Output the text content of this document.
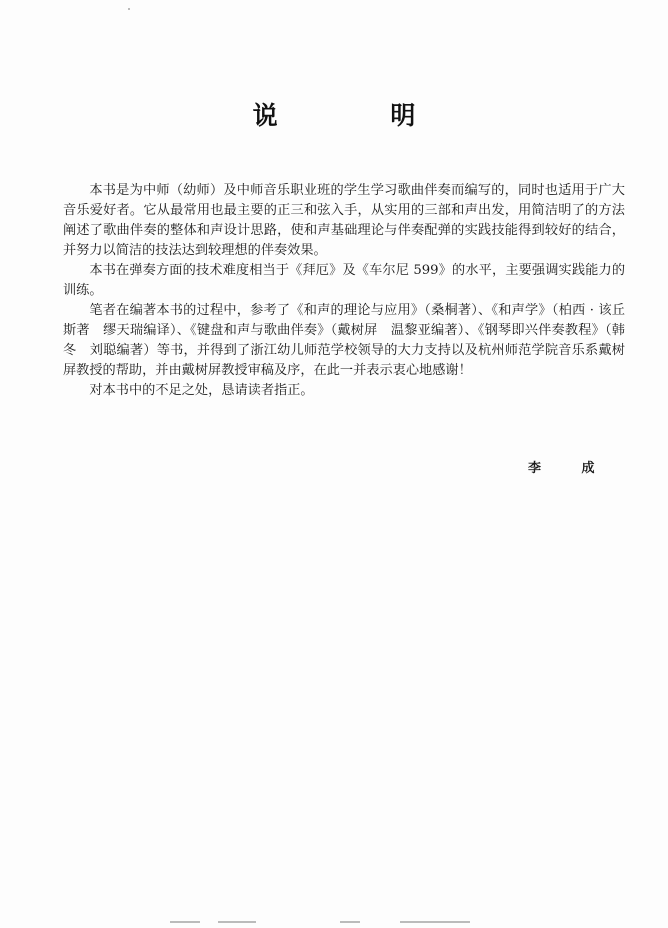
说 明

本书是为中师（幼师）及中师音乐职业班的学生学习歌曲伴奏而编写的，同时也适用于广大音乐爱好者。它从最常用也最主要的正三和弦入手，从实用的三部和声出发，用简洁明了的方法阐述了歌曲伴奏的整体和声设计思路，使和声基础理论与伴奏配弹的实践技能得到较好的结合，并努力以简洁的技法达到较理想的伴奏效果。

本书在弹奏方面的技术难度相当于《拜厄》及《车尔尼 599》的水平，主要强调实践能力的训练。

笔者在编著本书的过程中，参考了《和声的理论与应用》（桑桐著）、《和声学》（柏西 · 该丘斯著　缪天瑞编译）、《键盘和声与歌曲伴奏》（戴树屏　温黎亚编著）、《钢琴即兴伴奏教程》（韩冬　刘聪编著）等书，并得到了浙江幼儿师范学校领导的大力支持以及杭州师范学院音乐系戴树屏教授的帮助，并由戴树屏教授审稿及序，在此一并表示衷心地感谢！

对本书中的不足之处，恳请读者指正。

李 成
